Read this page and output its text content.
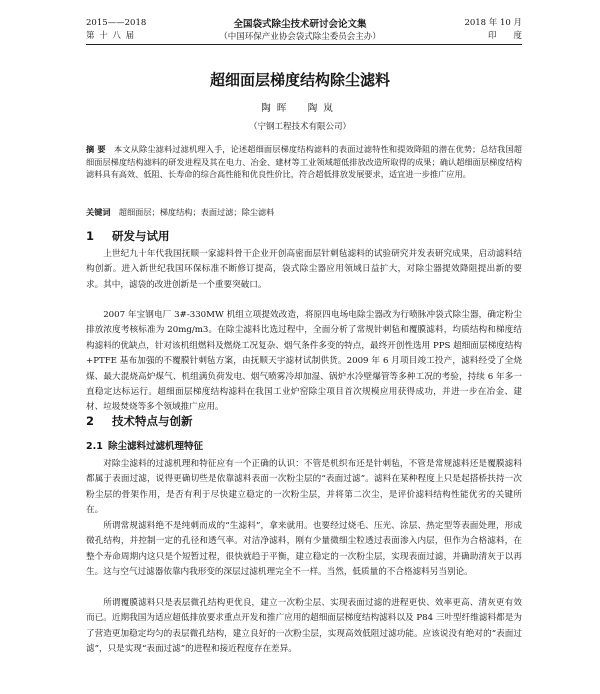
2015——2018
第 十 八 届
全国袋式除尘技术研讨会论文集
（中国环保产业协会袋式除尘委员会主办）
2018 年 10 月
印　　度
超细面层梯度结构除尘滤料
陶晖　陶岚
（宁钢工程技术有限公司）
摘 要　 本文从除尘滤料过滤机理入手，论述超细面层梯度结构滤料的表面过滤特性和提效降阻的潜在优势；总结我国超细面层梯度结构滤料的研发进程及其在电力、冶金、建材等工业领域超低排放改造所取得的成果；确认超细面层梯度结构滤料具有高效、低阻、长寿命的综合高性能和优良性价比，符合超低排放发展要求，适宜进一步推广应用。
关键词　 超细面层；梯度结构；表面过滤；除尘滤料
1 研发与试用

上世纪九十年代我国抚顺一家滤料骨干企业开创高密面层针刺毡滤料的试验研究并发表研究成果，启动滤料结构创新。进入新世纪我国环保标准不断修订提高，袋式除尘器应用领域日益扩大，对除尘器提效降阻提出新的要求。其中，滤袋的改进创新是一个重要突破口。

2007 年宝钢电厂 3#-330MW 机组立项提效改造，将原四电场电除尘器改为行喷脉冲袋式除尘器，确定粉尘排放浓度考核标准为 20mg/m3。在除尘滤料比选过程中，全面分析了常规针刺毡和覆膜滤料，均质结构和梯度结构滤料的优缺点，针对该机组燃料及燃烧工况复杂、烟气条件多变的特点，最终开创性选用 PPS 超细面层梯度结构+PTFE 基布加强的不覆膜针刺毡方案，由抚顺天宇滤材试制供货。2009 年 6 月项目竣工投产，滤料经受了全烧煤、最大混烧高炉煤气、机组满负荷发电、烟气喷雾冷却加湿、锅炉水冷壁爆管等多种工况的考验，持续 6 年多一直稳定达标运行。超细面层梯度结构滤料在我国工业炉窑除尘项目首次规模应用获得成功，并进一步在冶金、建材、垃圾焚烧等多个领域推广应用。

2 技术特点与创新
2.1 除尘滤料过滤机理特征

对除尘滤料的过滤机理和特征应有一个正确的认识：不管是机织布还是针刺毡，不管是常规滤料还是覆膜滤料都属于表面过滤，说得更确切些是依靠滤料表面一次粉尘层的“表面过滤”。滤料在某种程度上只是起搭桥扶持一次粉尘层的骨架作用，是否有利于尽快建立稳定的一次粉尘层，并将第二次尘，是评价滤料结构性能优劣的关键所在。

所谓常规滤料绝不是纯刺而成的“生滤料”，拿来就用。也要经过烧毛、压光、涂层、热定型等表面处理，形成微孔结构，并控制一定的孔径和透气率。对洁净滤料，刚有少量微细尘粒透过表面渗入内层，但作为合格滤料，在整个寿命周期内这只是个短暂过程，很快就趋于平衡，建立稳定的一次粉尘层，实现表面过滤，并确助清灰于以再生。这与空气过滤器依靠内我形变的深层过滤机理完全不一样。当然，低质量的不合格滤料另当别论。

所谓覆膜滤料只是表层微孔结构更优良，建立一次粉尘层、实现表面过滤的进程更快、效率更高、清灰更有效而已。近期我国为适应超低排放要求重点开发和推广应用的超细面层梯度结构滤料以及 P84 三叶型纤维滤料都是为了营造更加稳定均匀的表层微孔结构，建立良好的一次粉尘层，实现高效低阻过滤功能。应该说没有绝对的“表面过滤”，只是实现“表面过滤”的进程和接近程度存在差异。
